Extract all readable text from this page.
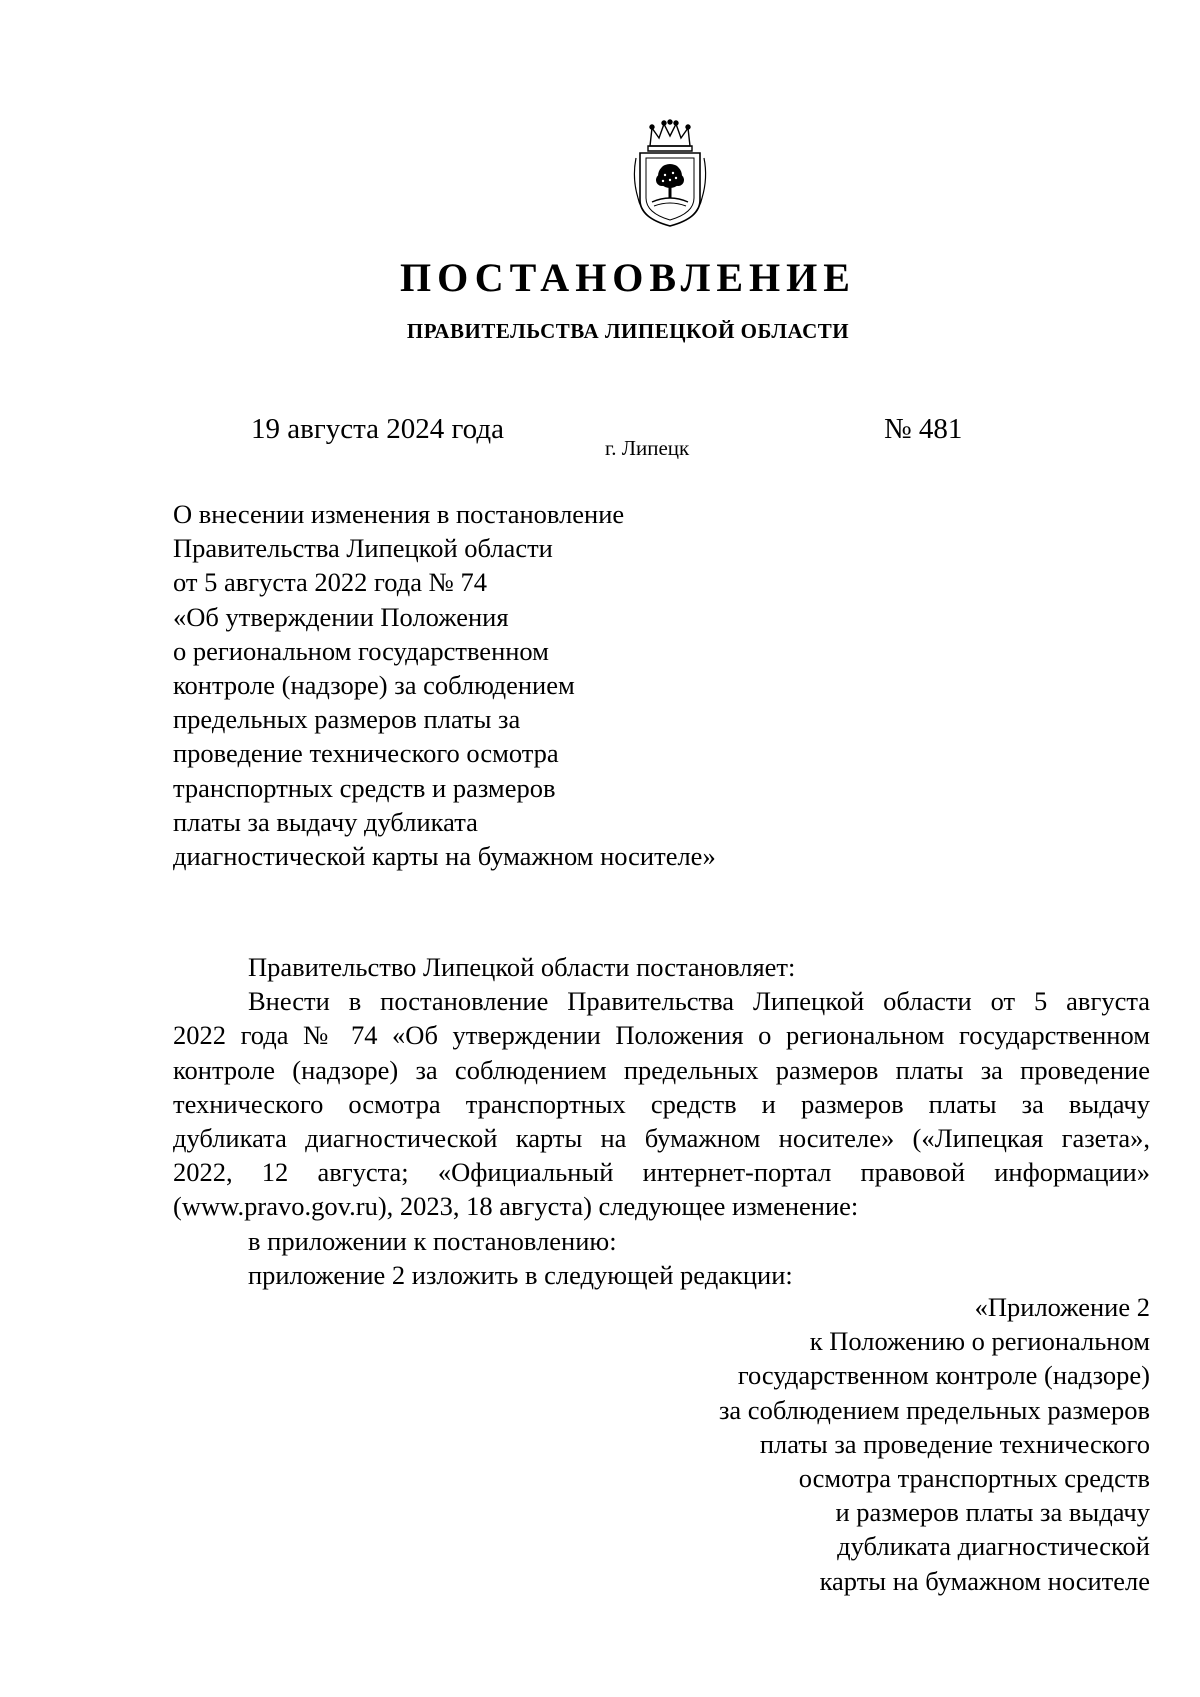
ПОСТАНОВЛЕНИЕ
ПРАВИТЕЛЬСТВА ЛИПЕЦКОЙ ОБЛАСТИ
19 августа 2024 года
г. Липецк
№ 481
О внесении изменения в постановление
Правительства Липецкой области
от 5 августа 2022 года № 74
«Об утверждении Положения
о региональном государственном
контроле (надзоре) за соблюдением
предельных размеров платы за
проведение технического осмотра
транспортных средств и размеров
платы за выдачу дубликата
диагностической карты на бумажном носителе»

Правительство Липецкой области постановляет:

Внести в постановление Правительства Липецкой области от 5 августа
2022 года № 74 «Об утверждении Положения о региональном государственном
контроле (надзоре) за соблюдением предельных размеров платы за проведение
технического осмотра транспортных средств и размеров платы за выдачу
дубликата диагностической карты на бумажном носителе» («Липецкая газета»,
2022, 12 августа; «Официальный интернет-портал правовой информации»
(www.pravo.gov.ru), 2023, 18 августа) следующее изменение:

в приложении к постановлению:

приложение 2 изложить в следующей редакции:

«Приложение 2
к Положению о региональном
государственном контроле (надзоре)
за соблюдением предельных размеров
платы за проведение технического
осмотра транспортных средств
и размеров платы за выдачу
дубликата диагностической
карты на бумажном носителе
